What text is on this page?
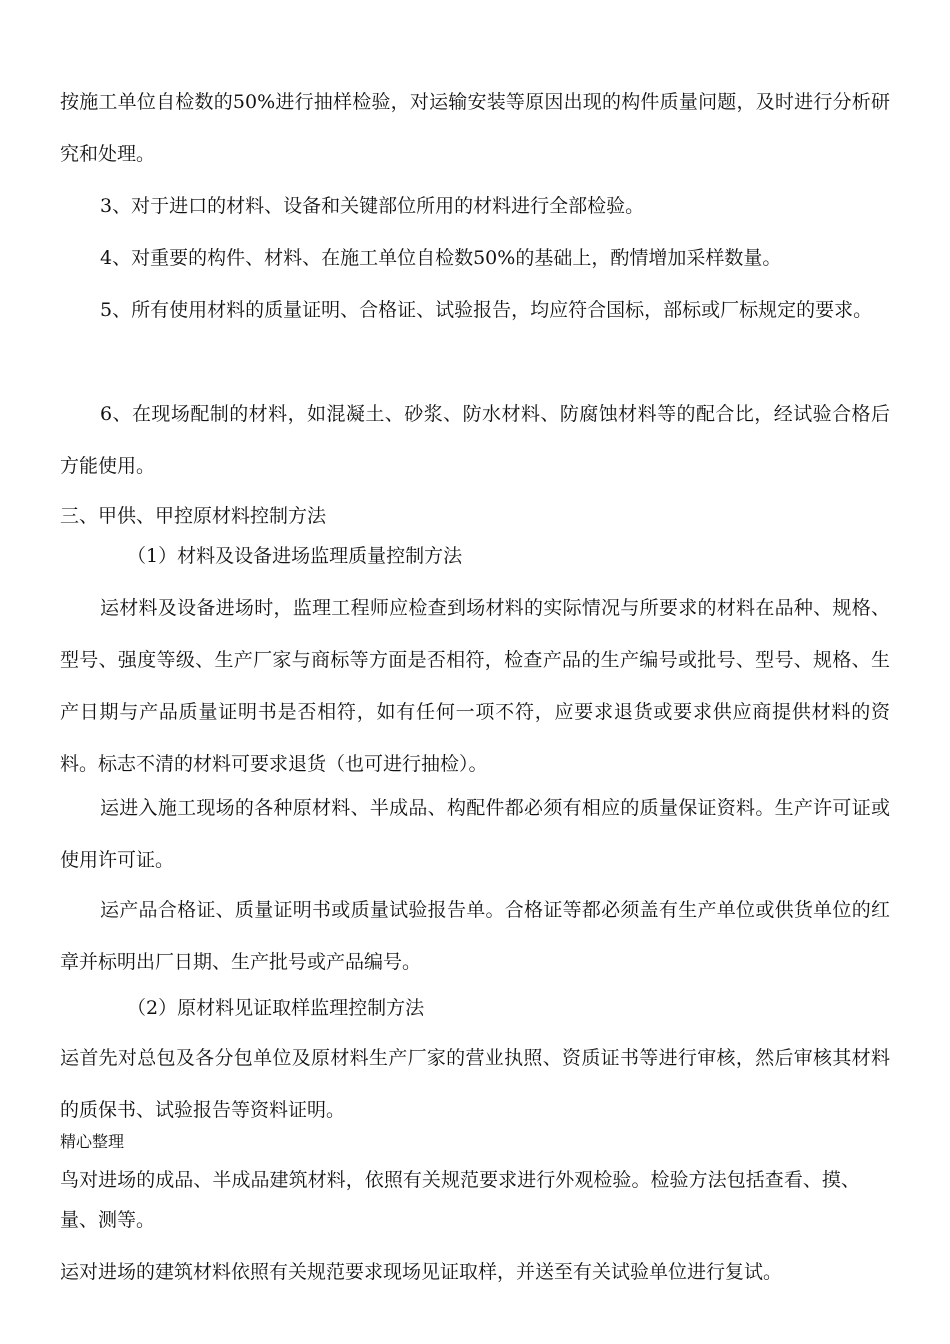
按施工单位自检数的50%进行抽样检验，对运输安装等原因出现的构件质量问题，及时进行分析研究和处理。

3、对于进口的材料、设备和关键部位所用的材料进行全部检验。

4、对重要的构件、材料、在施工单位自检数50%的基础上，酌情增加采样数量。

5、所有使用材料的质量证明、合格证、试验报告，均应符合国标，部标或厂标规定的要求。

6、在现场配制的材料，如混凝土、砂浆、防水材料、防腐蚀材料等的配合比，经试验合格后方能使用。

三、甲供、甲控原材料控制方法

（1）材料及设备进场监理质量控制方法

运材料及设备进场时，监理工程师应检查到场材料的实际情况与所要求的材料在品种、规格、型号、强度等级、生产厂家与商标等方面是否相符，检查产品的生产编号或批号、型号、规格、生产日期与产品质量证明书是否相符，如有任何一项不符，应要求退货或要求供应商提供材料的资料。标志不清的材料可要求退货（也可进行抽检）。

运进入施工现场的各种原材料、半成品、构配件都必须有相应的质量保证资料。生产许可证或使用许可证。

运产品合格证、质量证明书或质量试验报告单。合格证等都必须盖有生产单位或供货单位的红章并标明出厂日期、生产批号或产品编号。

（2）原材料见证取样监理控制方法

运首先对总包及各分包单位及原材料生产厂家的营业执照、资质证书等进行审核，然后审核其材料的质保书、试验报告等资料证明。

精心整理

鸟对进场的成品、半成品建筑材料，依照有关规范要求进行外观检验。检验方法包括查看、摸、量、测等。

运对进场的建筑材料依照有关规范要求现场见证取样，并送至有关试验单位进行复试。
